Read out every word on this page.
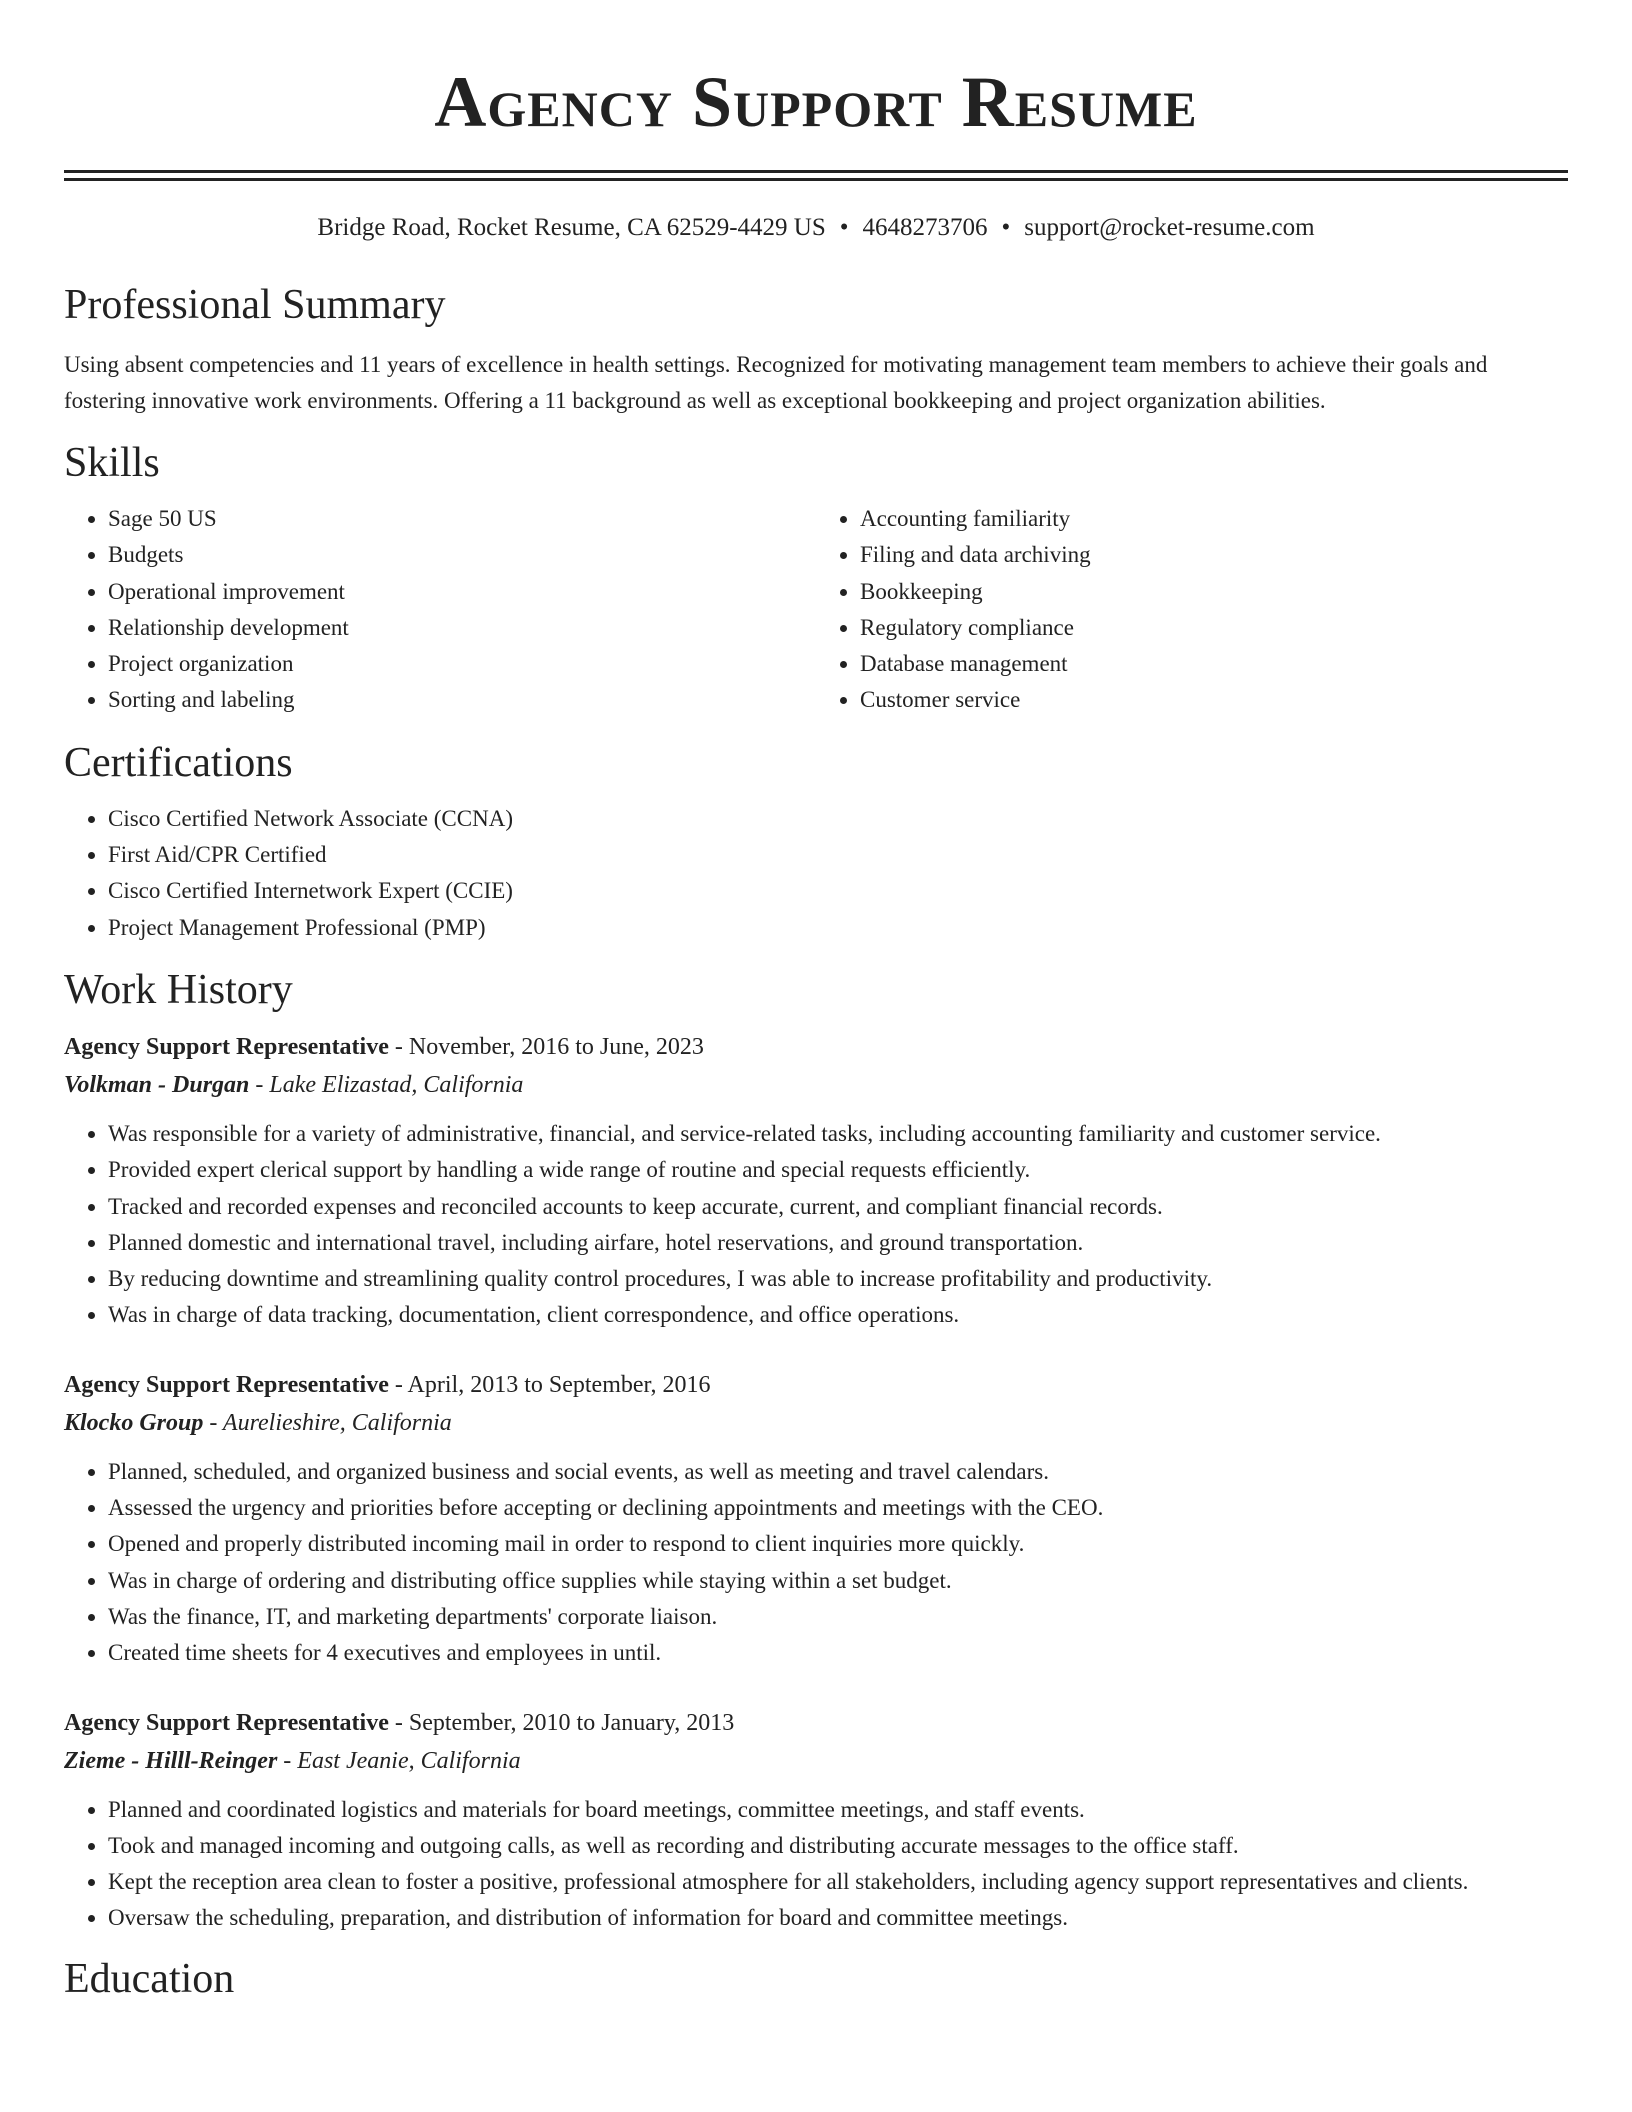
Agency Support Resume
Bridge Road, Rocket Resume, CA 62529-4429 US • 4648273706 • support@rocket-resume.com
Professional Summary

Using absent competencies and 11 years of excellence in health settings. Recognized for motivating management team members to achieve their goals and fostering innovative work environments. Offering a 11 background as well as exceptional bookkeeping and project organization abilities.

Skills
• Sage 50 US
• Budgets
• Operational improvement
• Relationship development
• Project organization
• Sorting and labeling
• Accounting familiarity
• Filing and data archiving
• Bookkeeping
• Regulatory compliance
• Database management
• Customer service
Certifications
• Cisco Certified Network Associate (CCNA)
• First Aid/CPR Certified
• Cisco Certified Internetwork Expert (CCIE)
• Project Management Professional (PMP)
Work History

Agency Support Representative - November, 2016 to June, 2023

Volkman - Durgan - Lake Elizastad, California

• Was responsible for a variety of administrative, financial, and service-related tasks, including accounting familiarity and customer service.
• Provided expert clerical support by handling a wide range of routine and special requests efficiently.
• Tracked and recorded expenses and reconciled accounts to keep accurate, current, and compliant financial records.
• Planned domestic and international travel, including airfare, hotel reservations, and ground transportation.
• By reducing downtime and streamlining quality control procedures, I was able to increase profitability and productivity.
• Was in charge of data tracking, documentation, client correspondence, and office operations.

Agency Support Representative - April, 2013 to September, 2016

Klocko Group - Aurelieshire, California

• Planned, scheduled, and organized business and social events, as well as meeting and travel calendars.
• Assessed the urgency and priorities before accepting or declining appointments and meetings with the CEO.
• Opened and properly distributed incoming mail in order to respond to client inquiries more quickly.
• Was in charge of ordering and distributing office supplies while staying within a set budget.
• Was the finance, IT, and marketing departments' corporate liaison.
• Created time sheets for 4 executives and employees in until.

Agency Support Representative - September, 2010 to January, 2013

Zieme - Hilll-Reinger - East Jeanie, California

• Planned and coordinated logistics and materials for board meetings, committee meetings, and staff events.
• Took and managed incoming and outgoing calls, as well as recording and distributing accurate messages to the office staff.
• Kept the reception area clean to foster a positive, professional atmosphere for all stakeholders, including agency support representatives and clients.
• Oversaw the scheduling, preparation, and distribution of information for board and committee meetings.
Education
